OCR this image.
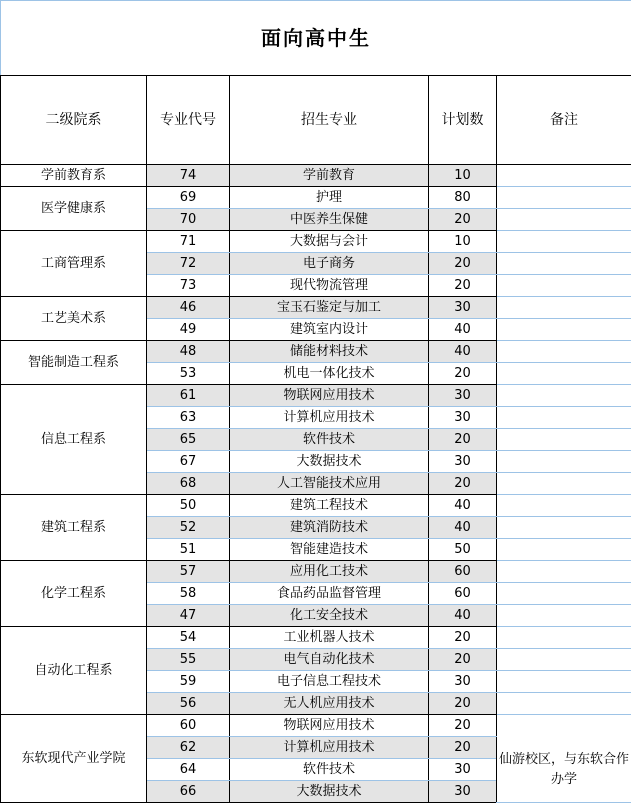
面向高中生				
二级院系	专业代号	招生专业	计划数	备注
学前教育系	74	学前教育	10	
医学健康系	69	护理	80	
	70	中医养生保健	20	
工商管理系	71	大数据与会计	10	
	72	电子商务	20	
	73	现代物流管理	20	
工艺美术系	46	宝玉石鉴定与加工	30	
	49	建筑室内设计	40	
智能制造工程系	48	储能材料技术	40	
	53	机电一体化技术	20	
信息工程系	61	物联网应用技术	30	
	63	计算机应用技术	30	
	65	软件技术	20	
	67	大数据技术	30	
	68	人工智能技术应用	20	
建筑工程系	50	建筑工程技术	40	
	52	建筑消防技术	40	
	51	智能建造技术	50	
化学工程系	57	应用化工技术	60	
	58	食品药品监督管理	60	
	47	化工安全技术	40	
自动化工程系	54	工业机器人技术	20	
	55	电气自动化技术	20	
	59	电子信息工程技术	30	
	56	无人机应用技术	20	
东软现代产业学院	60	物联网应用技术	20	仙游校区，与东软合作办学

	62	计算机应用技术	20	
	64	软件技术	30	
	66	大数据技术	30	
